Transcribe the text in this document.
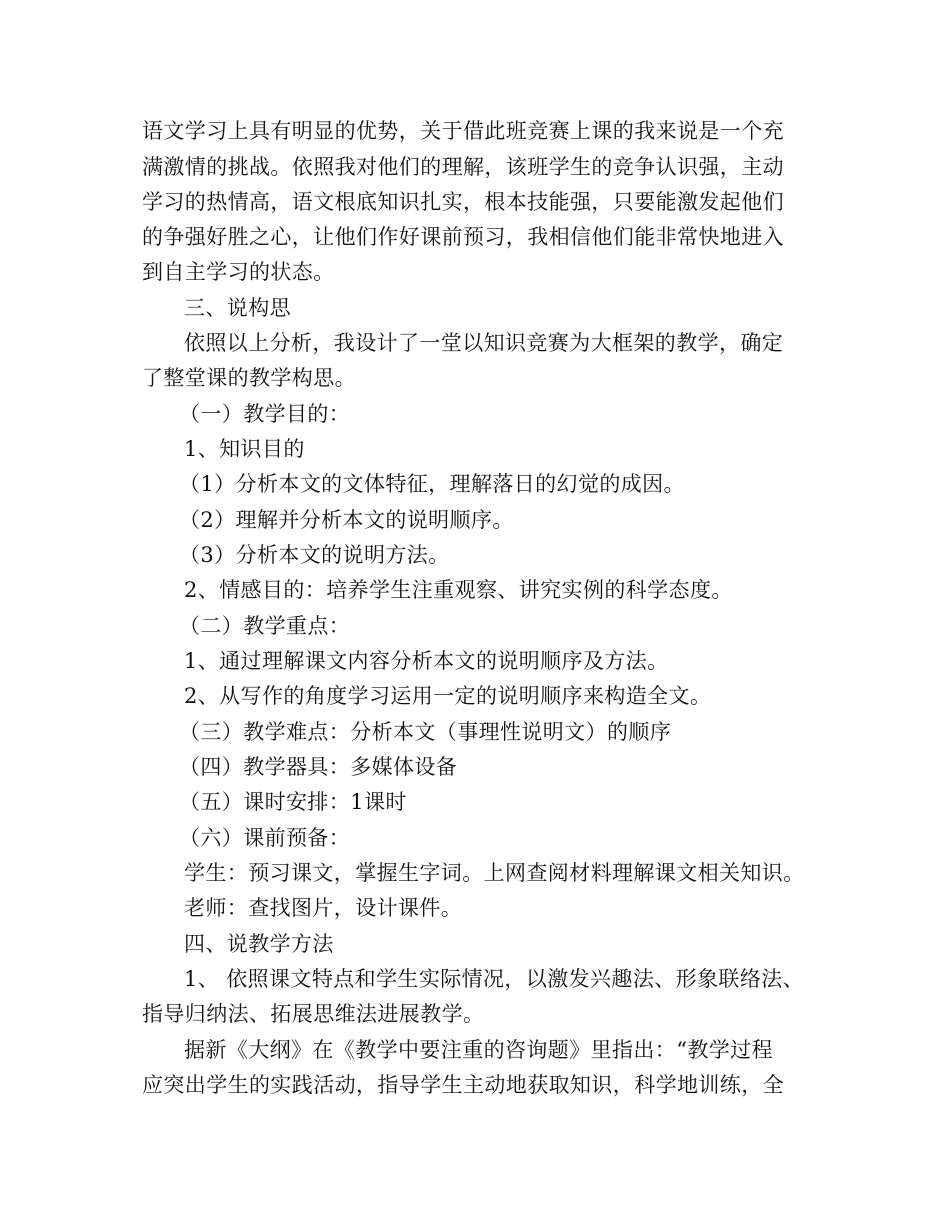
语文学习上具有明显的优势，关于借此班竞赛上课的我来说是一个充
满激情的挑战。依照我对他们的理解，该班学生的竞争认识强，主动
学习的热情高，语文根底知识扎实，根本技能强，只要能激发起他们
的争强好胜之心，让他们作好课前预习，我相信他们能非常快地进入
到自主学习的状态。
三、说构思
依照以上分析，我设计了一堂以知识竞赛为大框架的教学，确定
了整堂课的教学构思。
（一）教学目的：
1、知识目的
（1）分析本文的文体特征，理解落日的幻觉的成因。
（2）理解并分析本文的说明顺序。
（3）分析本文的说明方法。
2、情感目的：培养学生注重观察、讲究实例的科学态度。
（二）教学重点：
1、通过理解课文内容分析本文的说明顺序及方法。
2、从写作的角度学习运用一定的说明顺序来构造全文。
（三）教学难点：分析本文（事理性说明文）的顺序
（四）教学器具：多媒体设备
（五）课时安排：1课时
（六）课前预备：
学生：预习课文，掌握生字词。上网查阅材料理解课文相关知识。
老师：查找图片，设计课件。
四、说教学方法
1、 依照课文特点和学生实际情况，以激发兴趣法、形象联络法、
指导归纳法、拓展思维法进展教学。
据新《大纲》在《教学中要注重的咨询题》里指出：“教学过程
应突出学生的实践活动，指导学生主动地获取知识，科学地训练，全
